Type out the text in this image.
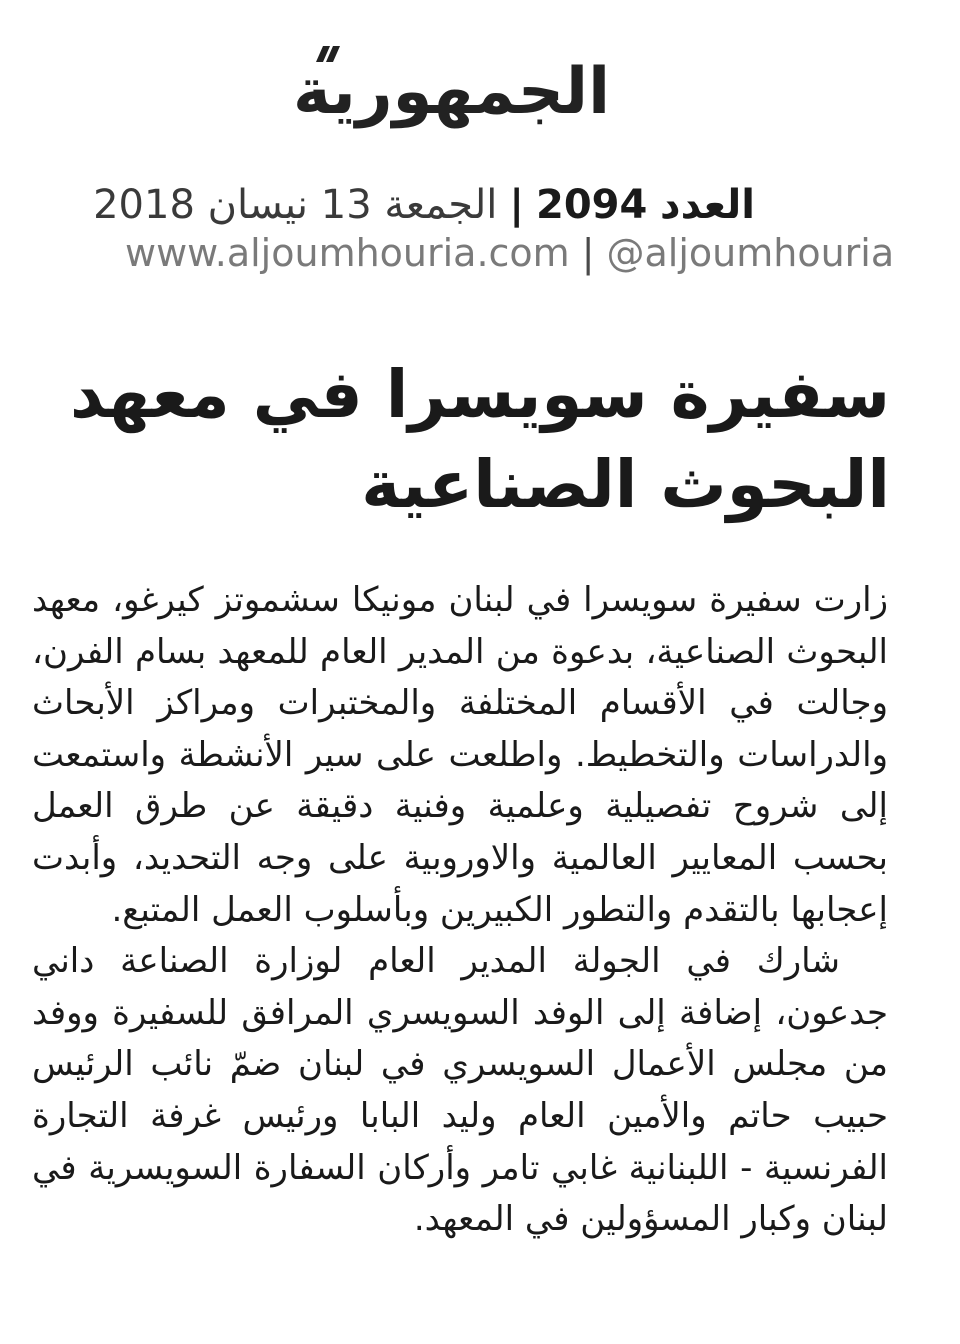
الجمهورية
العدد 2094|الجمعة 13 نيسان 2018
www.aljoumhouria.com | @aljoumhouria
سفيرة سويسرا في معهد البحوث الصناعية

زارت سفيرة سويسرا في لبنان مونيكا سشموتز كيرغو، معهد البحوث الصناعية، بدعوة من المدير العام للمعهد بسام الفرن، وجالت في الأقسام المختلفة والمختبرات ومراكز الأبحاث والدراسات والتخطيط. واطلعت على سير الأنشطة واستمعت إلى شروح تفصيلية وعلمية وفنية دقيقة عن طرق العمل بحسب المعايير العالمية والاوروبية على وجه التحديد، وأبدت إعجابها بالتقدم والتطور الكبيرين وبأسلوب العمل المتبع.

شارك في الجولة المدير العام لوزارة الصناعة داني جدعون، إضافة إلى الوفد السويسري المرافق للسفيرة ووفد من مجلس الأعمال السويسري في لبنان ضمّ نائب الرئيس حبيب حاتم والأمين العام وليد البابا ورئيس غرفة التجارة الفرنسية - اللبنانية غابي تامر وأركان السفارة السويسرية في لبنان وكبار المسؤولين في المعهد.
